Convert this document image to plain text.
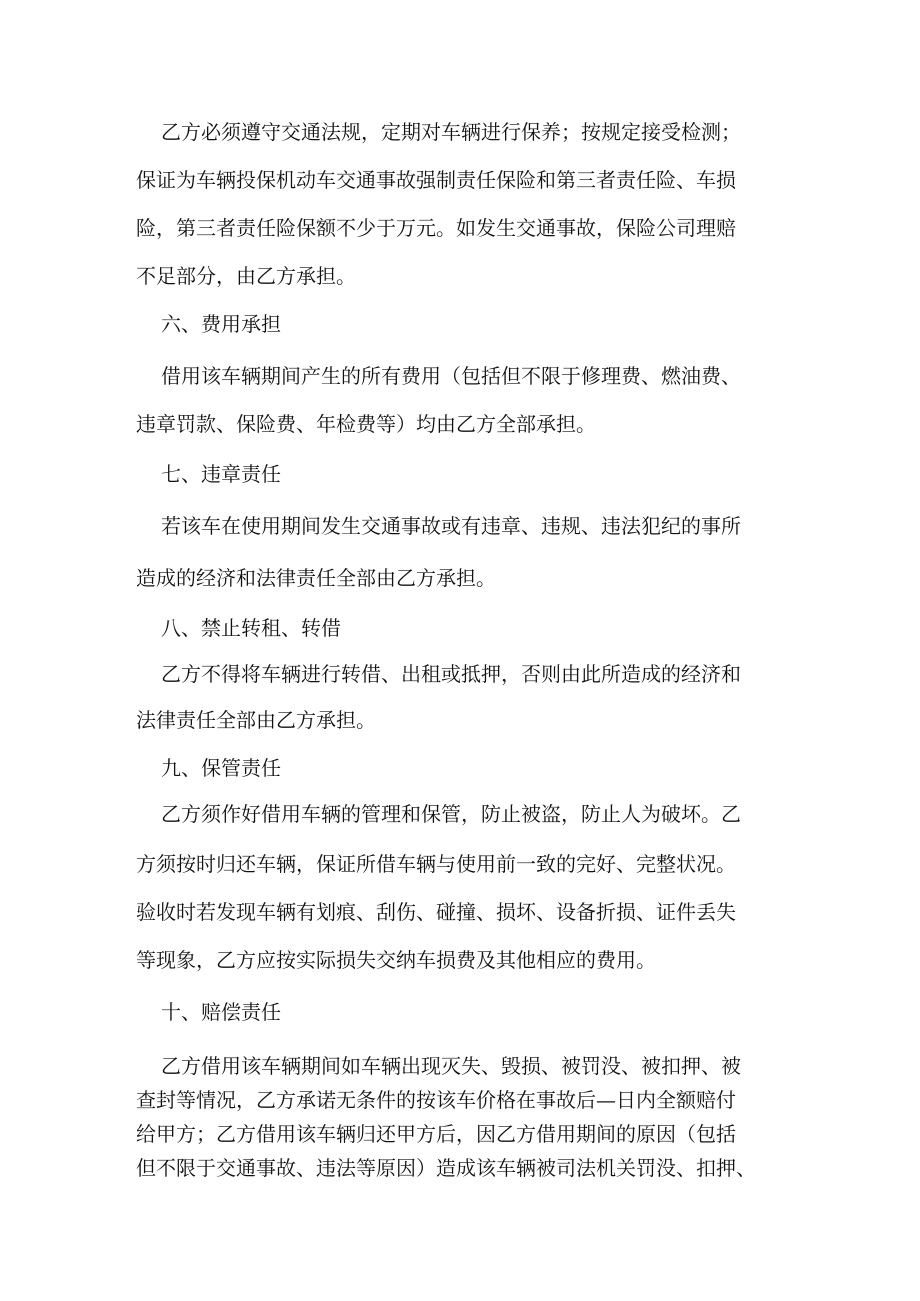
乙方必须遵守交通法规，定期对车辆进行保养；按规定接受检测；
保证为车辆投保机动车交通事故强制责任保险和第三者责任险、车损
险，第三者责任险保额不少于万元。如发生交通事故，保险公司理赔
不足部分，由乙方承担。
六、费用承担
借用该车辆期间产生的所有费用（包括但不限于修理费、燃油费、
违章罚款、保险费、年检费等）均由乙方全部承担。
七、违章责任
若该车在使用期间发生交通事故或有违章、违规、违法犯纪的事所
造成的经济和法律责任全部由乙方承担。
八、禁止转租、转借
乙方不得将车辆进行转借、出租或抵押，否则由此所造成的经济和
法律责任全部由乙方承担。
九、保管责任
乙方须作好借用车辆的管理和保管，防止被盗，防止人为破坏。乙
方须按时归还车辆，保证所借车辆与使用前一致的完好、完整状况。
验收时若发现车辆有划痕、刮伤、碰撞、损坏、设备折损、证件丢失
等现象，乙方应按实际损失交纳车损费及其他相应的费用。
十、赔偿责任
乙方借用该车辆期间如车辆出现灭失、毁损、被罚没、被扣押、被
查封等情况，乙方承诺无条件的按该车价格在事故后—日内全额赔付
给甲方；乙方借用该车辆归还甲方后，因乙方借用期间的原因（包括
但不限于交通事故、违法等原因）造成该车辆被司法机关罚没、扣押、
